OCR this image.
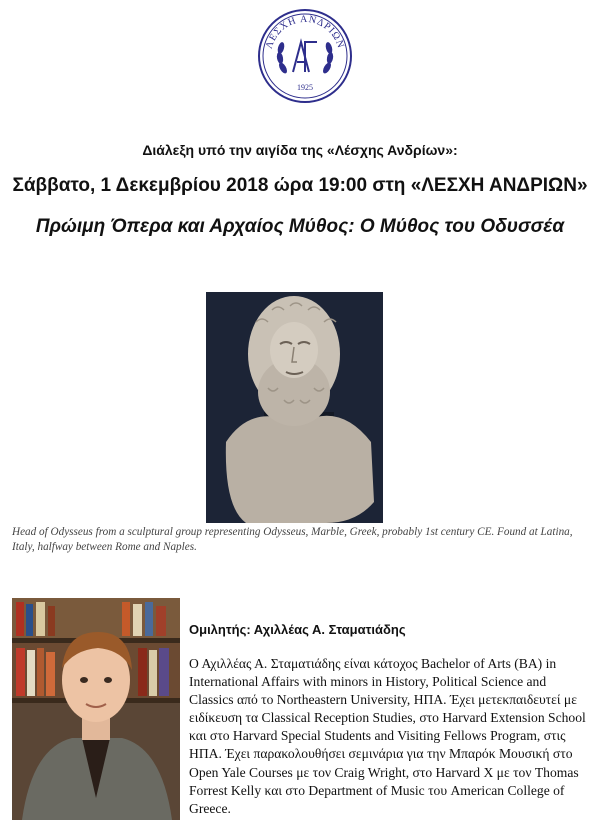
ΛΕΣΧΗ ΑΝΔΡΙΩΝ
1925
Διάλεξη υπό την αιγίδα της «Λέσχης Ανδρίων»:
Σάββατο, 1 Δεκεμβρίου 2018 ώρα 19:00 στη «ΛΕΣΧΗ ΑΝΔΡΙΩΝ»
Πρώιμη Όπερα και Αρχαίος Μύθος: Ο Μύθος του Οδυσσέα
Head of Odysseus from a sculptural group representing Odysseus, Marble, Greek, probably 1st century CE. Found at Latina, Italy, halfway between Rome and Naples.
Ομιλητής: Αχιλλέας Α. Σταματιάδης
Ο Αχιλλέας Α. Σταματιάδης είναι κάτοχος Bachelor of Arts (BA) in International Affairs with minors in History, Political Science and Classics από το Northeastern University, ΗΠΑ. Έχει μετεκπαιδευτεί με ειδίκευση τα Classical Reception Studies, στο Harvard Extension School και στο Harvard Special Students and Visiting Fellows Program, στις ΗΠΑ. Έχει παρακολουθήσει σεμινάρια για την Μπαρόκ Μουσική στο Open Yale Courses με τον Craig Wright, στο Harvard X με τον Thomas Forrest Kelly και στο Department of Music του American College of Greece.
